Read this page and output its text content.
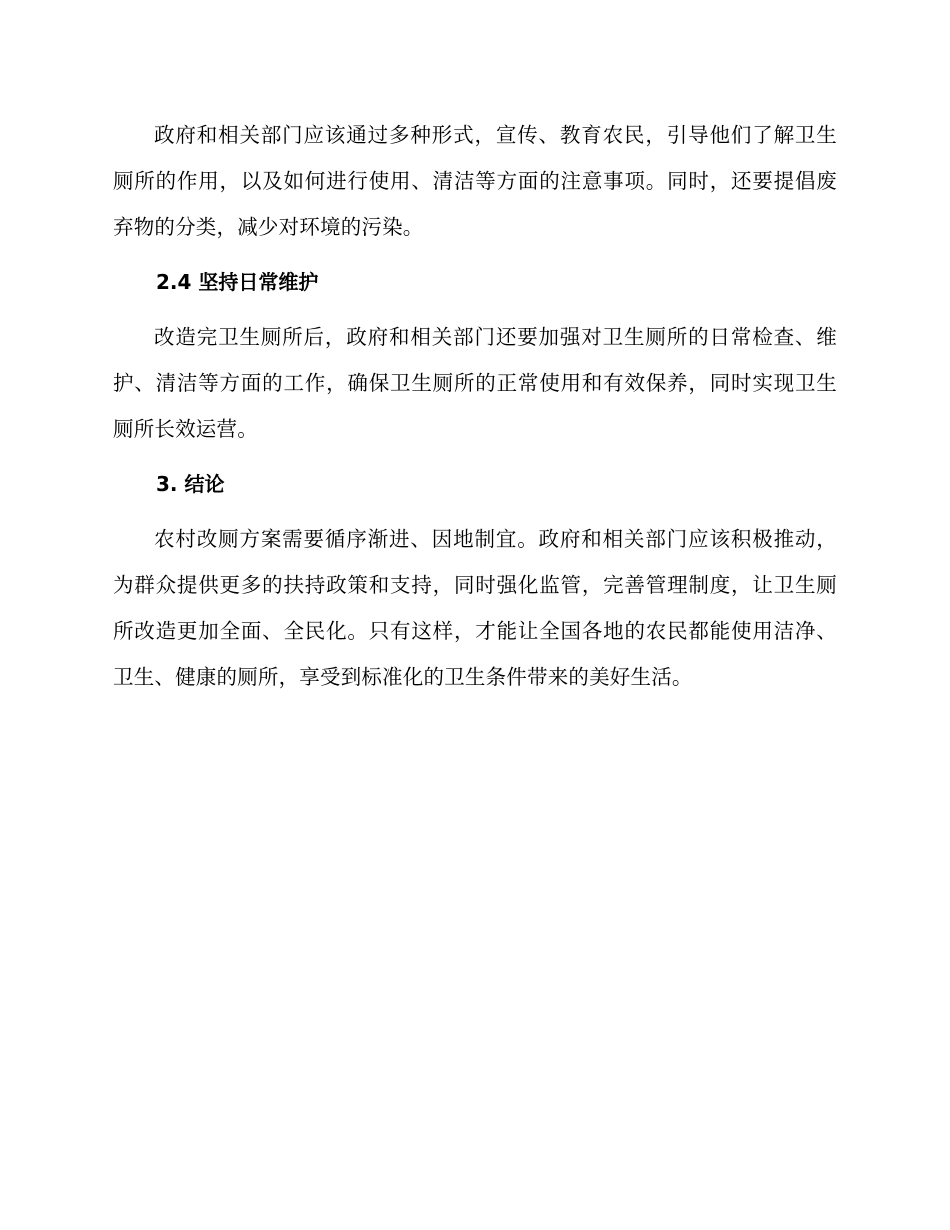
政府和相关部门应该通过多种形式，宣传、教育农民，引导他们了解卫生厕所的作用，以及如何进行使用、清洁等方面的注意事项。同时，还要提倡废弃物的分类，减少对环境的污染。

2.4 坚持日常维护

改造完卫生厕所后，政府和相关部门还要加强对卫生厕所的日常检查、维护、清洁等方面的工作，确保卫生厕所的正常使用和有效保养，同时实现卫生厕所长效运营。

3. 结论

农村改厕方案需要循序渐进、因地制宜。政府和相关部门应该积极推动，为群众提供更多的扶持政策和支持，同时强化监管，完善管理制度，让卫生厕所改造更加全面、全民化。只有这样，才能让全国各地的农民都能使用洁净、卫生、健康的厕所，享受到标准化的卫生条件带来的美好生活。
